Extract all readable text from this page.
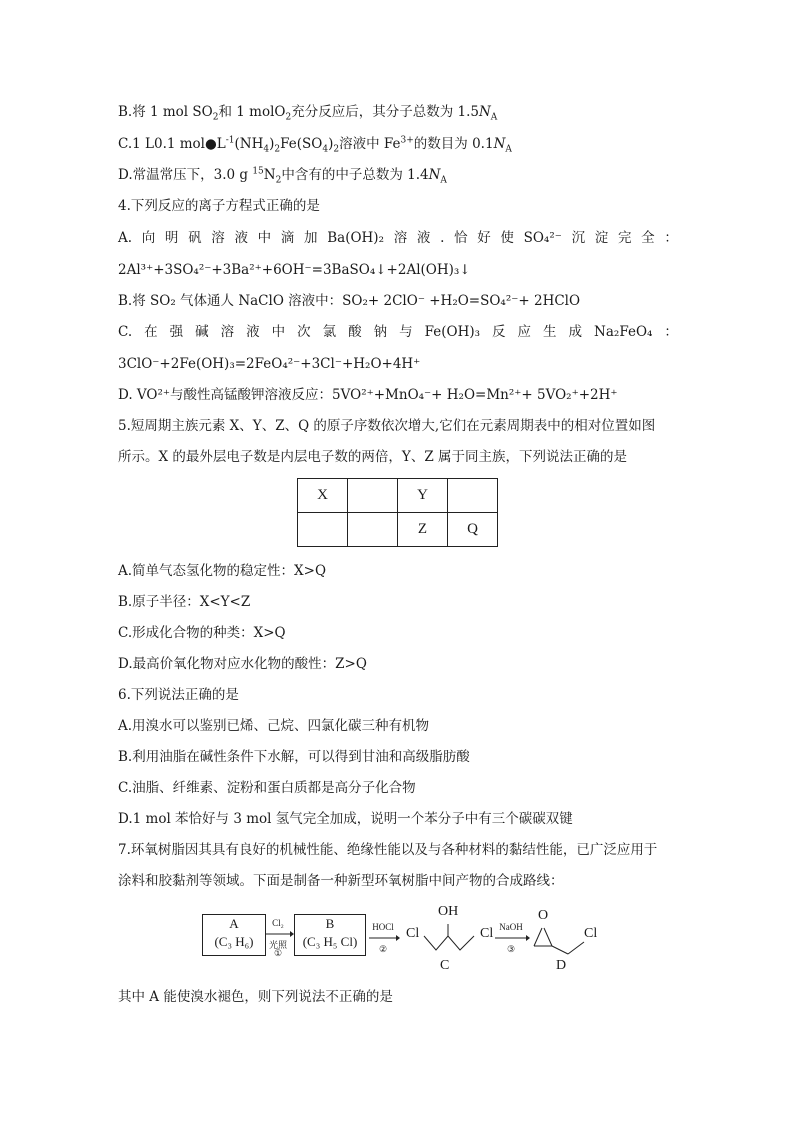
B.将 1 mol $SO_2$和 1 molO$_2$充分反应后，其分子总数为 $1.5N_A$
C.1 L0.1 $mol●L^{-1}(NH_4)_2Fe(SO_4)_2$溶液中 $Fe^{3+}$的数目为 $0.1N_A$
D.常温常压下，3.0 g $^{15}N_2$中含有的中子总数为 $1.4N_A$
4.下列反应的离子方程式正确的是
A. 向 明 矾 溶 液 中 滴 加 Ba(OH)₂ 溶 液 . 恰 好 使 SO₄²⁻ 沉 淀 完 全 ：
2Al³⁺+3SO₄²⁻+3Ba²⁺+6OH⁻=3BaSO₄↓+2Al(OH)₃↓
B.将 SO₂ 气体通人 NaClO 溶液中：SO₂+ 2ClO⁻ +H₂O=SO₄²⁻+ 2HClO
C. 在 强 碱 溶 液 中 次 氯 酸 钠 与 Fe(OH)₃ 反 应 生 成 Na₂FeO₄ ：
3ClO⁻+2Fe(OH)₃=2FeO₄²⁻+3Cl⁻+H₂O+4H⁺
D. VO²⁺与酸性高锰酸钾溶液反应：5VO²⁺+MnO₄⁻+ H₂O=Mn²⁺+ 5VO₂⁺+2H⁺
5.短周期主族元素 X、Y、Z、Q 的原子序数依次增大,它们在元素周期表中的相对位置如图
所示。X 的最外层电子数是内层电子数的两倍，Y、Z 属于同主族，下列说法正确的是
X		Y	
		Z	Q
A.简单气态氢化物的稳定性：X>Q
B.原子半径：X<Y<Z
C.形成化合物的种类：X>Q
D.最高价氧化物对应水化物的酸性：Z>Q
6.下列说法正确的是
A.用溴水可以鉴别已烯、己烷、四氯化碳三种有机物
B.利用油脂在碱性条件下水解，可以得到甘油和高级脂肪酸
C.油脂、纤维素、淀粉和蛋白质都是高分子化合物
D.1 mol 苯恰好与 3 mol 氢气完全加成，说明一个苯分子中有三个碳碳双键
7.环氧树脂因其具有良好的机械性能、绝缘性能以及与各种材料的黏结性能，已广泛应用于
涂料和胶黏剂等领域。下面是制备一种新型环氧树脂中间产物的合成路线：
A
(C₃ H₆)
Cl₂
光照
①
B
(C₃ H₅ Cl)
HOCl
②
Cl
OH
Cl
C
NaOH
③
O
Cl
D
其中 A 能使溴水褪色，则下列说法不正确的是
